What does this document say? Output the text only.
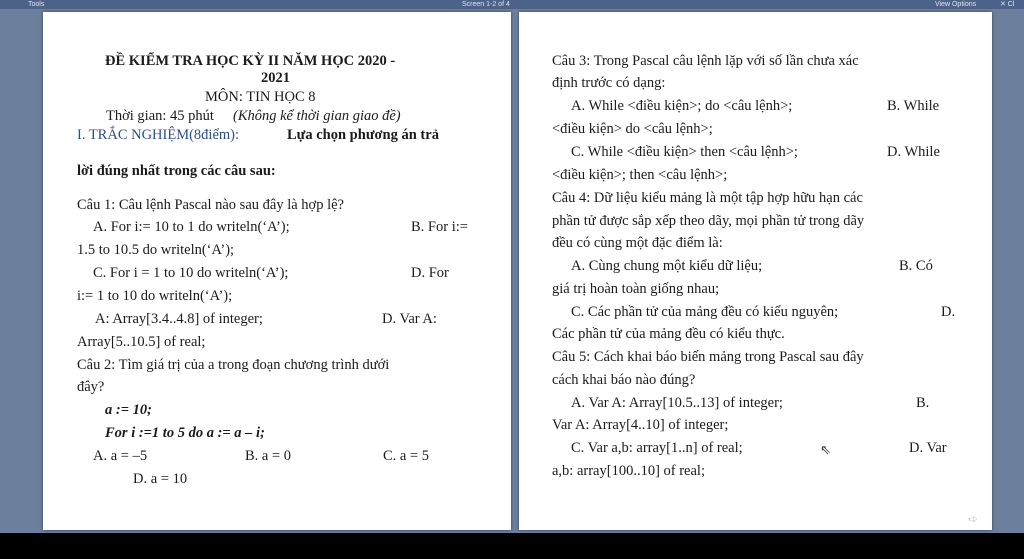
Tools	Screen 1-2 of 4	View Options	✕ Cl
ĐỀ KIỂM TRA HỌC KỲ II NĂM HỌC 2020 -
2021
MÔN: TIN HỌC 8
Thời gian: 45 phút (Không kể thời gian giao đề)
I. TRẮC NGHIỆM(8điểm):	Lựa chọn phương án trả
lời đúng nhất trong các câu sau:
Câu 1: Câu lệnh Pascal nào sau đây là hợp lệ?
A. For i:= 10 to 1 do writeln(‘A’);	B. For i:=
1.5 to 10.5 do writeln(‘A’);
C. For i = 1 to 10 do writeln(‘A’);	D. For
i:= 1 to 10 do writeln(‘A’);
A: Array[3.4..4.8] of integer;	D. Var A:
Array[5..10.5] of real;
Câu 2: Tìm giá trị của a trong đoạn chương trình dưới
đây?
a := 10;
For i :=1 to 5 do a := a – i;
A. a = –5	B. a = 0	C. a = 5
D. a = 10
Câu 3: Trong Pascal câu lệnh lặp với số lần chưa xác
định trước có dạng:
A. While <điều kiện>; do <câu lệnh>;	B. While
<điều kiện> do <câu lệnh>;
C. While <điều kiện> then <câu lệnh>;	D. While
<điều kiện>; then <câu lệnh>;
Câu 4: Dữ liệu kiểu mảng là một tập hợp hữu hạn các
phần tử được sắp xếp theo dãy, mọi phần tử trong dãy
đều có cùng một đặc điểm là:
A. Cùng chung một kiểu dữ liệu;	B. Có
giá trị hoàn toàn giống nhau;
C. Các phần tử của mảng đều có kiểu nguyên;	D.
Các phần tử của mảng đều có kiểu thực.
Câu 5: Cách khai báo biến mảng trong Pascal sau đây
cách khai báo nào đúng?
A. Var A: Array[10.5..13] of integer;	B.
Var A: Array[4..10] of integer;
C. Var a,b: array[1..n] of real;	D. Var
a,b: array[100..10] of real;
⇖
➪
